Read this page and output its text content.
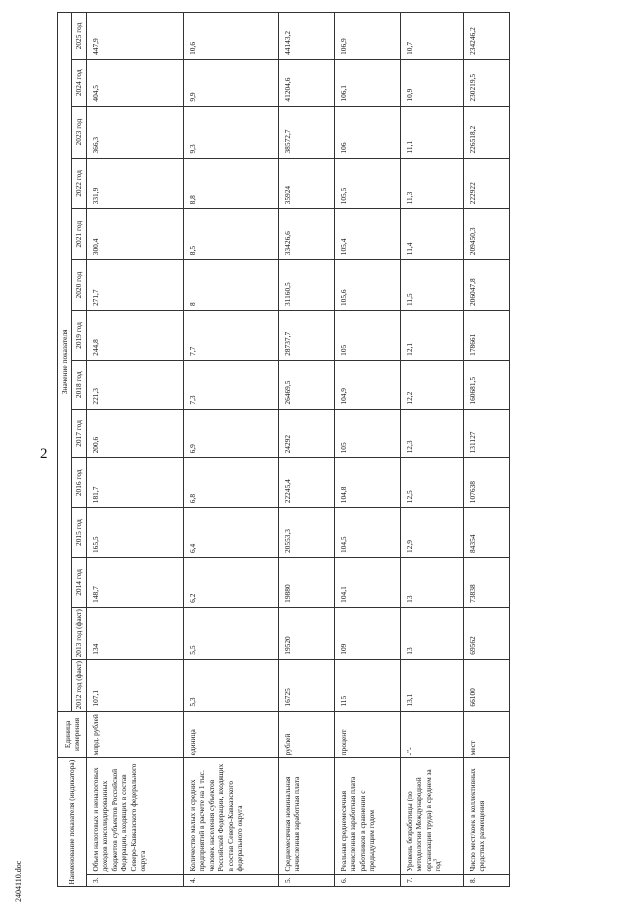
2
2404110.doc	Наименование показателя (индикатора)		Единица измерения	Значение показателя													
			2012 год (факт)	2013 год (факт)	2014 год	2015 год	2016 год	2017 год	2018 год	2019 год	2020 год	2021 год	2022 год	2023 год	2024 год	2025 год
3.	Объем налоговых и неналоговых доходов консолидированных бюджетов субъектов Российской Федерации, входящих в состав Северо-Кавказского федерального округа	млрд. рублей	107,1	134	148,7	165,5	181,7	200,6	221,3	244,8	271,7	300,4	331,9	366,3	404,5	447,9
4.	Количество малых и средних предприятий в расчете на 1 тыс. человек населения субъектов Российской Федерации, входящих в состав Северо-Кавказского федерального округа	единица	5,3	5,5	6,2	6,4	6,8	6,9	7,3	7,7	8	8,5	8,8	9,3	9,9	10,6
5.	Среднемесячная номинальная начисленная заработная плата	рублей	16725	19520	19880	20553,3	22245,4	24292	26469,5	28737,7	31160,5	33426,6	35924	38572,7	41204,6	44143,2
6.	Реальная среднемесячная начисленная заработная плата работников в сравнении с предыдущим годом	процент	115	109	104,1	104,5	104,8	105	104,9	105	105,6	105,4	105,5	106	106,1	106,9
7.	Уровень безработицы (по методологии Международной организации труда) в среднем за год$^3$	-"-	13,1	13	13	12,9	12,5	12,3	12,2	12,1	11,5	11,4	11,3	11,1	10,9	10,7
8.	Число мест/коек в коллективных средствах размещения	мест	66100	69562	73838	84354	107638	131127	160681,5	178661	206047,8	209450,3	222922	226518,2	230219,5	234246,2
